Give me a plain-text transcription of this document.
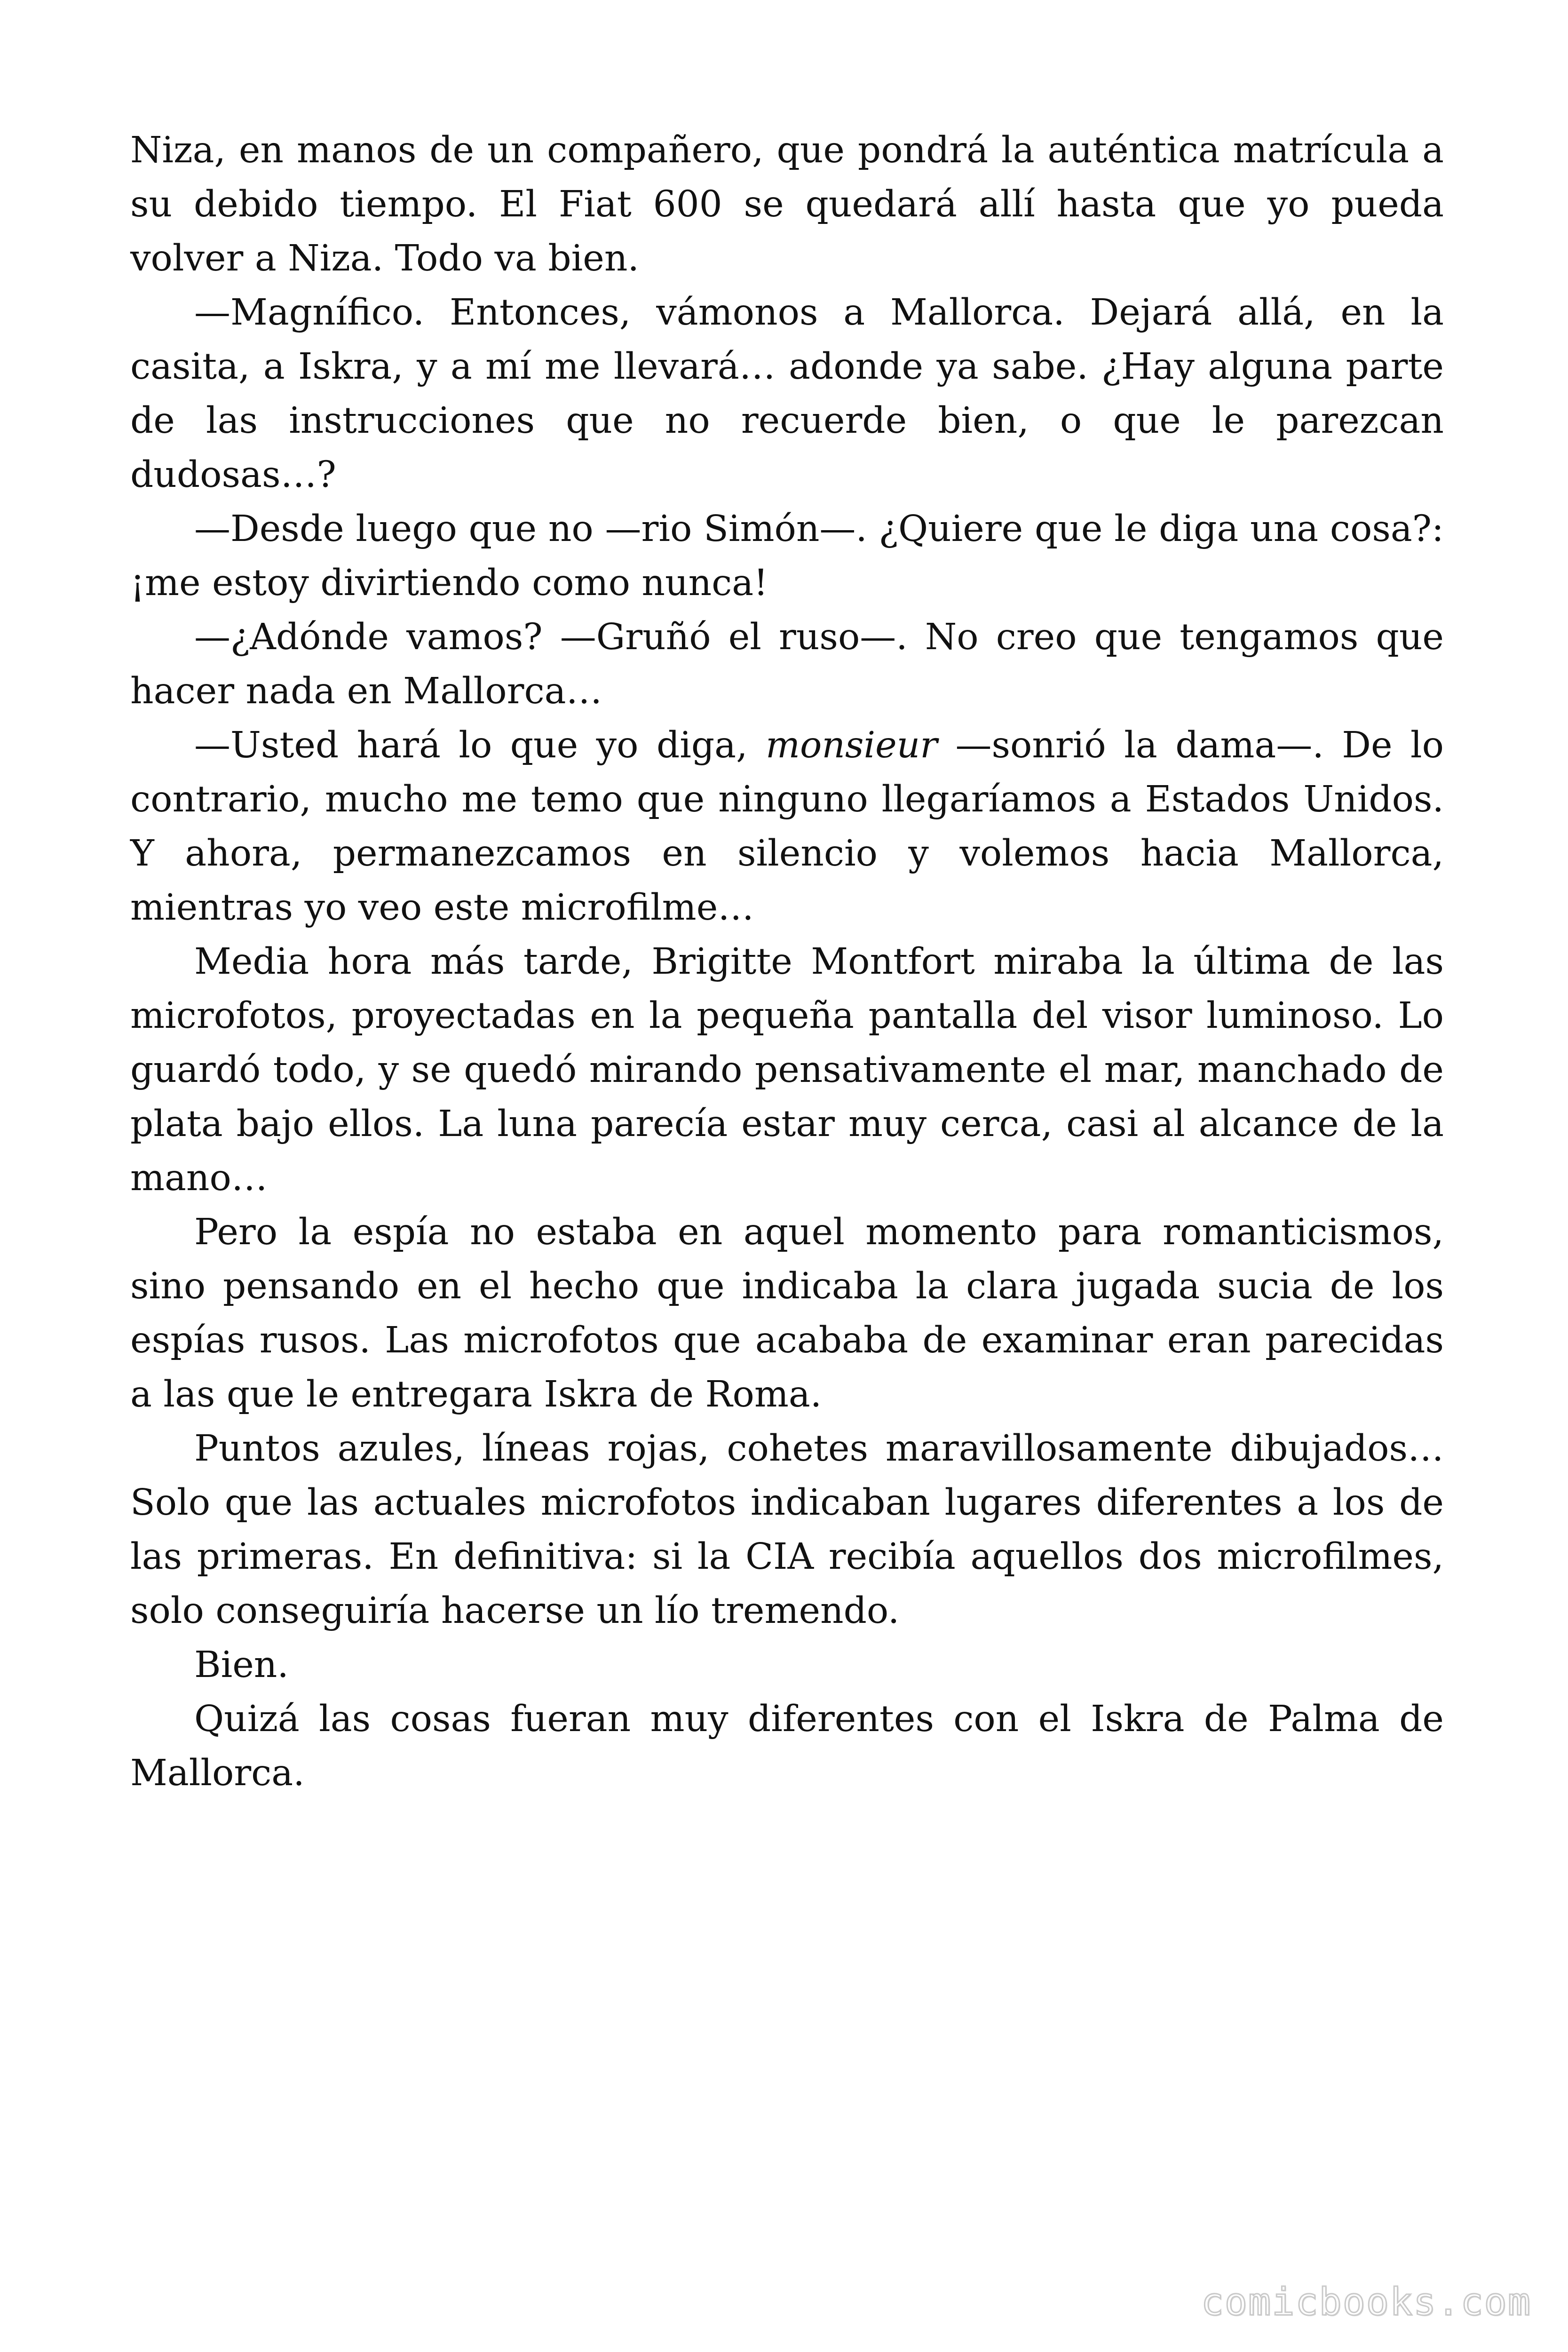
Niza, en manos de un compañero, que pondrá la auténtica matrícula a su debido tiempo. El Fiat 600 se quedará allí hasta que yo pueda volver a Niza. Todo va bien.

—Magnífico. Entonces, vámonos a Mallorca. Dejará allá, en la casita, a Iskra, y a mí me llevará… adonde ya sabe. ¿Hay alguna parte de las instrucciones que no recuerde bien, o que le parezcan dudosas…?

—Desde luego que no —rio Simón—. ¿Quiere que le diga una cosa?: ¡me estoy divirtiendo como nunca!

—¿Adónde vamos? —Gruñó el ruso—. No creo que tengamos que hacer nada en Mallorca…

—Usted hará lo que yo diga, monsieur —sonrió la dama—. De lo contrario, mucho me temo que ninguno llegaríamos a Estados Unidos. Y ahora, permanezcamos en silencio y volemos hacia Mallorca, mientras yo veo este microfilme…

Media hora más tarde, Brigitte Montfort miraba la última de las microfotos, proyectadas en la pequeña pantalla del visor luminoso. Lo guardó todo, y se quedó mirando pensativamente el mar, manchado de plata bajo ellos. La luna parecía estar muy cerca, casi al alcance de la mano…

Pero la espía no estaba en aquel momento para romanticismos, sino pensando en el hecho que indicaba la clara jugada sucia de los espías rusos. Las microfotos que acababa de examinar eran parecidas a las que le entregara Iskra de Roma.

Puntos azules, líneas rojas, cohetes maravillosamente dibujados… Solo que las actuales microfotos indicaban lugares diferentes a los de las primeras. En definitiva: si la CIA recibía aquellos dos microfilmes, solo conseguiría hacerse un lío tremendo.

Bien.

Quizá las cosas fueran muy diferentes con el Iskra de Palma de Mallorca.

comicbooks.com
